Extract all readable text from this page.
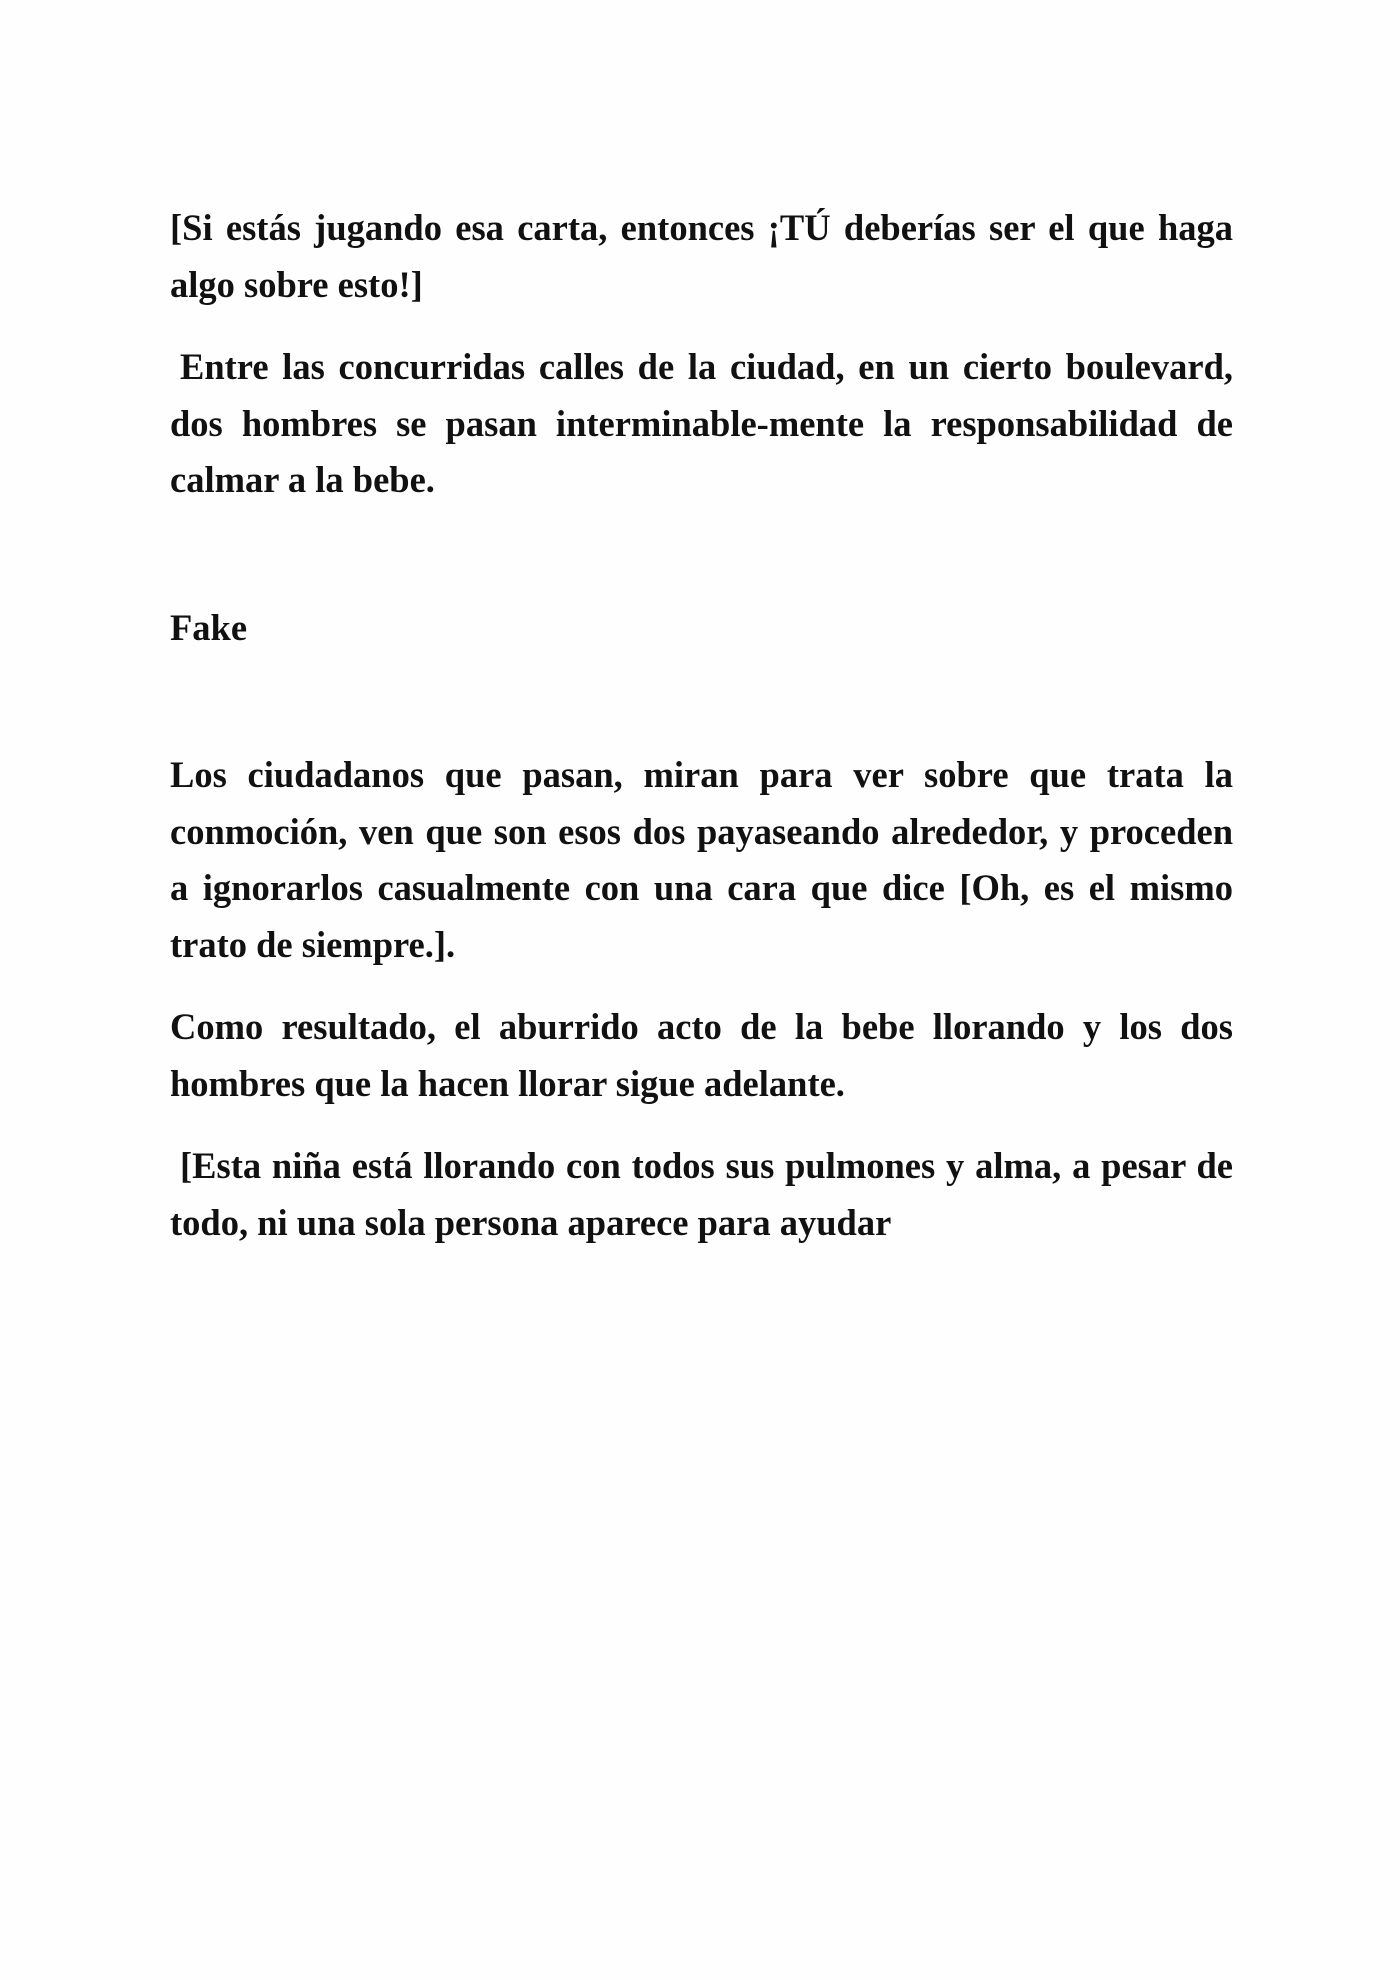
[Si estás jugando esa carta, entonces ¡TÚ deberías ser el que haga algo sobre esto!]

Entre las concurridas calles de la ciudad, en un cierto boulevard, dos hombres se pasan interminable-mente la responsabilidad de calmar a la bebe.

Fake

Los ciudadanos que pasan, miran para ver sobre que trata la conmoción, ven que son esos dos payaseando alrededor, y proceden a ignorarlos casualmente con una cara que dice [Oh, es el mismo trato de siempre.].

Como resultado, el aburrido acto de la bebe llorando y los dos hombres que la hacen llorar sigue adelante.

[Esta niña está llorando con todos sus pulmones y alma, a pesar de todo, ni una sola persona aparece para ayudar
